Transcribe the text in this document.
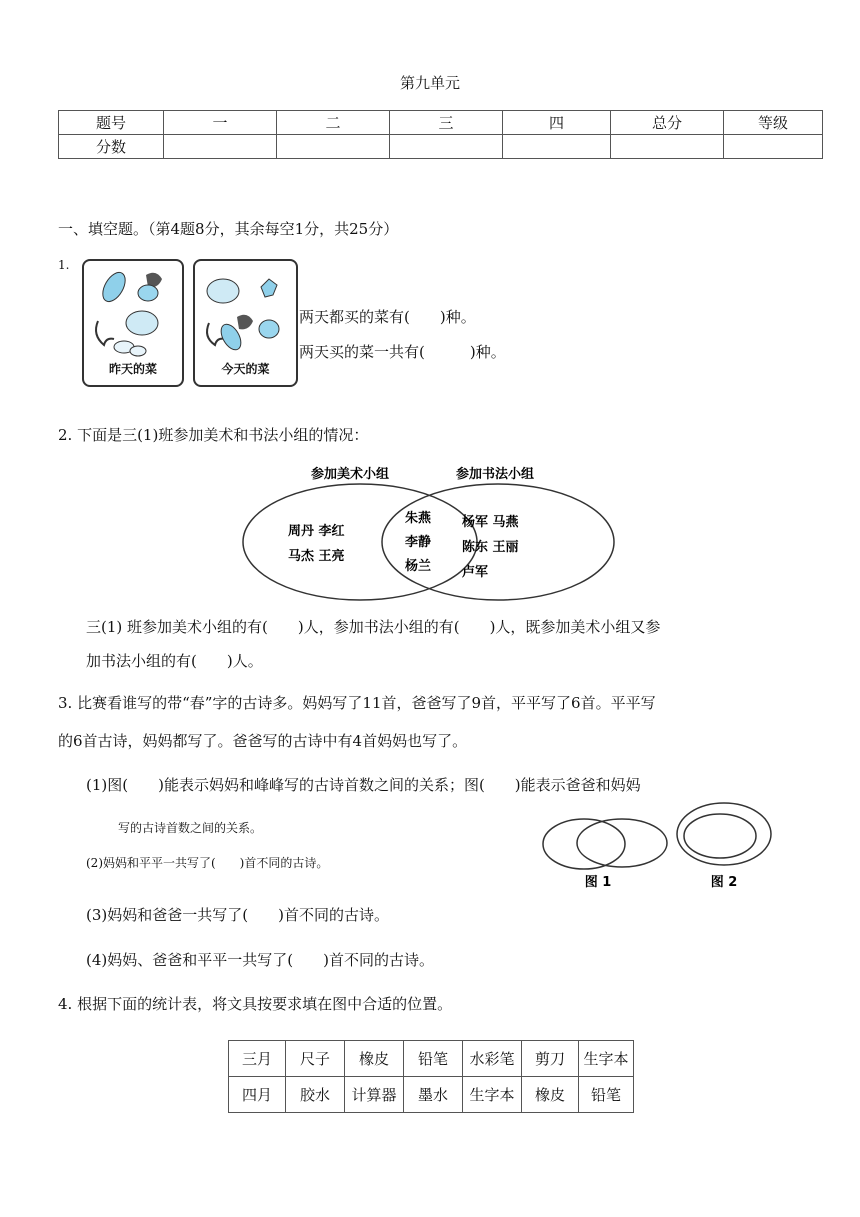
第九单元
题号	一	二	三	四	总分	等级
分数						
一、填空题。（第4题8分，其余每空1分，共25分）
1.
昨天的菜	今天的菜
两天都买的菜有(　　)种。
两天买的菜一共有(　　　)种。
2. 下面是三(1)班参加美术和书法小组的情况：
参加美术小组	参加书法小组
周丹 李红
马杰 王亮
朱燕
李静
杨兰
杨军 马燕
陈东 王丽
卢军
三(1) 班参加美术小组的有(　　)人，参加书法小组的有(　　)人，既参加美术小组又参
加书法小组的有(　　)人。
3. 比赛看谁写的带“春”字的古诗多。妈妈写了11首，爸爸写了9首，平平写了6首。平平写
的6首古诗，妈妈都写了。爸爸写的古诗中有4首妈妈也写了。
(1)图(　　)能表示妈妈和峰峰写的古诗首数之间的关系；图(　　)能表示爸爸和妈妈
写的古诗首数之间的关系。
(2)妈妈和平平一共写了(　　)首不同的古诗。
(3)妈妈和爸爸一共写了(　　)首不同的古诗。
(4)妈妈、爸爸和平平一共写了(　　)首不同的古诗。
图 1	图 2
4. 根据下面的统计表，将文具按要求填在图中合适的位置。
三月	尺子	橡皮	铅笔	水彩笔	剪刀	生字本
四月	胶水	计算器	墨水	生字本	橡皮	铅笔
